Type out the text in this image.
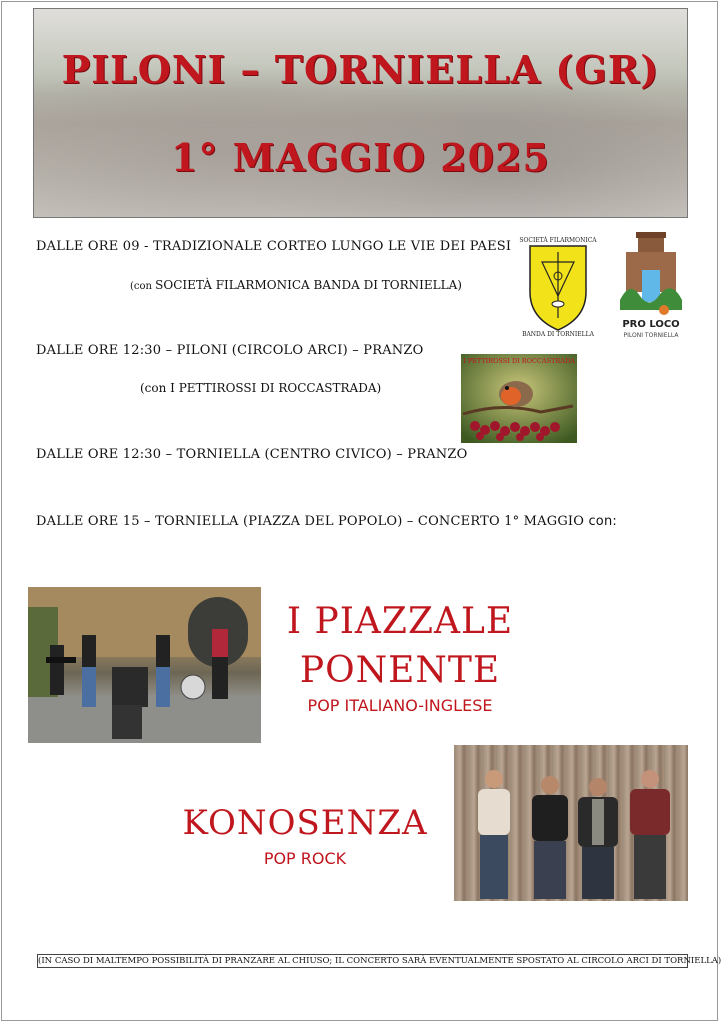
PILONI – TORNIELLA (GR)
1° MAGGIO 2025
DALLE ORE 09 - TRADIZIONALE CORTEO LUNGO LE VIE DEI PAESI
(con SOCIETÀ FILARMONICA BANDA DI TORNIELLA)
DALLE ORE 12:30 – PILONI (CIRCOLO ARCI) – PRANZO
(con I PETTIROSSI DI ROCCASTRADA)
DALLE ORE 12:30 – TORNIELLA (CENTRO CIVICO) – PRANZO
DALLE ORE 15 – TORNIELLA (PIAZZA DEL POPOLO) – CONCERTO 1° MAGGIO con:
SOCIETÀ FILARMONICA
BANDA DI TORNIELLA
PRO LOCO
PILONI TORNIELLA
I PETTIROSSI DI ROCCASTRADA
I PIAZZALE
PONENTE
POP ITALIANO-INGLESE
KONOSENZA
POP ROCK
(IN CASO DI MALTEMPO POSSIBILITÀ DI PRANZARE AL CHIUSO; IL CONCERTO SARÀ EVENTUALMENTE SPOSTATO AL CIRCOLO ARCI DI TORNIELLA)
